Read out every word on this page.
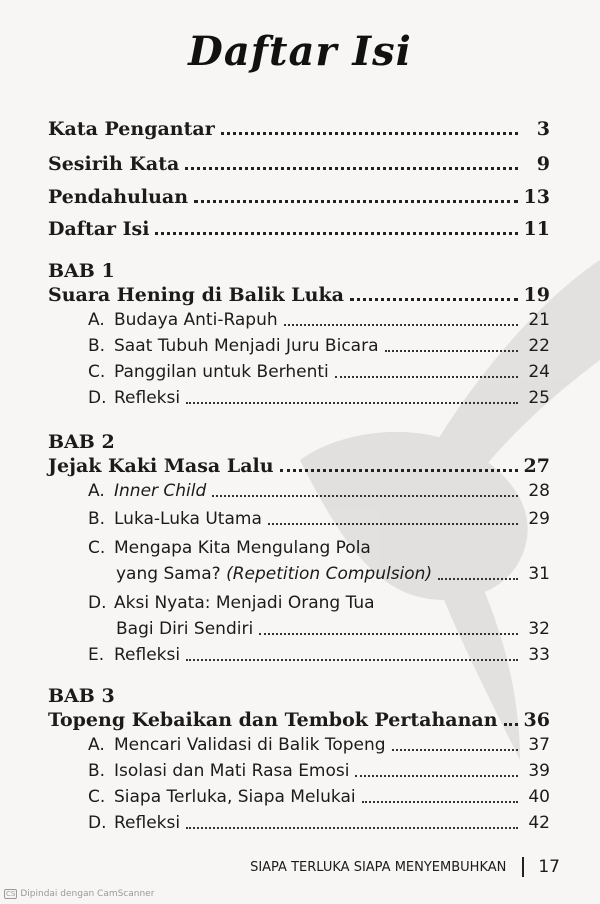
Daftar Isi
Kata Pengantar	3
Sesirih Kata	9
Pendahuluan	13
Daftar Isi	11
BAB 1
Suara Hening di Balik Luka	19
A. Budaya Anti-Rapuh	21
B. Saat Tubuh Menjadi Juru Bicara	22
C. Panggilan untuk Berhenti	24
D. Refleksi	25
BAB 2
Jejak Kaki Masa Lalu	27
A. Inner Child	28
B. Luka-Luka Utama	29
C. Mengapa Kita Mengulang Pola
yang Sama? (Repetition Compulsion)	31
D. Aksi Nyata: Menjadi Orang Tua
Bagi Diri Sendiri	32
E. Refleksi	33
BAB 3
Topeng Kebaikan dan Tembok Pertahanan 36
A. Mencari Validasi di Balik Topeng	37
B. Isolasi dan Mati Rasa Emosi	39
C. Siapa Terluka, Siapa Melukai	40
D. Refleksi	42
SIAPA TERLUKA SIAPA MENYEMBUHKAN 17
CS Dipindai dengan CamScanner
